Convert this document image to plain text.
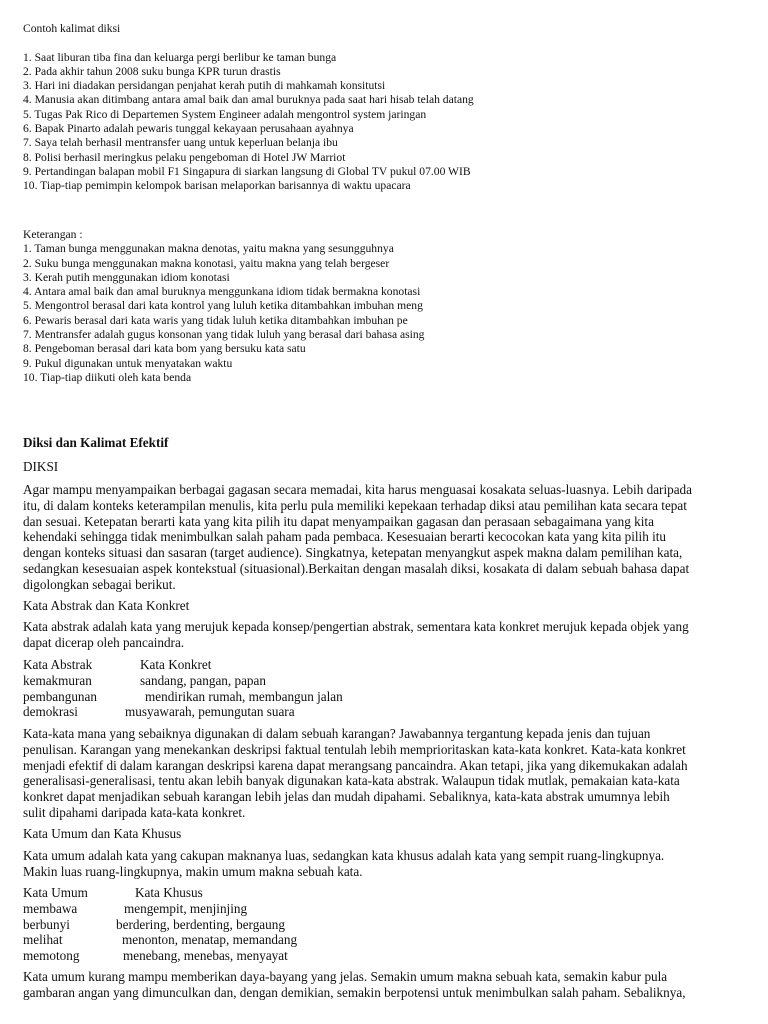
Contoh kalimat diksi
1. Saat liburan tiba fina dan keluarga pergi berlibur ke taman bunga
2. Pada akhir tahun 2008 suku bunga KPR turun drastis
3. Hari ini diadakan persidangan penjahat kerah putih di mahkamah konsitutsi
4. Manusia akan ditimbang antara amal baik dan amal buruknya pada saat hari hisab telah datang
5. Tugas Pak Rico di Departemen System Engineer adalah mengontrol system jaringan
6. Bapak Pinarto adalah pewaris tunggal kekayaan perusahaan ayahnya
7. Saya telah berhasil mentransfer uang untuk keperluan belanja ibu
8. Polisi berhasil meringkus pelaku pengeboman di Hotel JW Marriot
9. Pertandingan balapan mobil F1 Singapura di siarkan langsung di Global TV pukul 07.00 WIB
10. Tiap-tiap pemimpin kelompok barisan melaporkan barisannya di waktu upacara
Keterangan :
1. Taman bunga menggunakan makna denotas, yaitu makna yang sesungguhnya
2. Suku bunga menggunakan makna konotasi, yaitu makna yang telah bergeser
3. Kerah putih menggunakan idiom konotasi
4. Antara amal baik dan amal buruknya menggunkana idiom tidak bermakna konotasi
5. Mengontrol berasal dari kata kontrol yang luluh ketika ditambahkan imbuhan meng
6. Pewaris berasal dari kata waris yang tidak luluh ketika ditambahkan imbuhan pe
7. Mentransfer adalah gugus konsonan yang tidak luluh yang berasal dari bahasa asing
8. Pengeboman berasal dari kata bom yang bersuku kata satu
9. Pukul digunakan untuk menyatakan waktu
10. Tiap-tiap diikuti oleh kata benda
Diksi dan Kalimat Efektif
DIKSI
Agar mampu menyampaikan berbagai gagasan secara memadai, kita harus menguasai kosakata seluas-luasnya. Lebih daripada
itu, di dalam konteks keterampilan menulis, kita perlu pula memiliki kepekaan terhadap diksi atau pemilihan kata secara tepat
dan sesuai. Ketepatan berarti kata yang kita pilih itu dapat menyampaikan gagasan dan perasaan sebagaimana yang kita
kehendaki sehingga tidak menimbulkan salah paham pada pembaca. Kesesuaian berarti kecocokan kata yang kita pilih itu
dengan konteks situasi dan sasaran (target audience). Singkatnya, ketepatan menyangkut aspek makna dalam pemilihan kata,
sedangkan kesesuaian aspek kontekstual (situasional).Berkaitan dengan masalah diksi, kosakata di dalam sebuah bahasa dapat
digolongkan sebagai berikut.
Kata Abstrak dan Kata Konkret
Kata abstrak adalah kata yang merujuk kepada konsep/pengertian abstrak, sementara kata konkret merujuk kepada objek yang
dapat dicerap oleh pancaindra.
Kata Abstrak	Kata Konkret
kemakmuran	sandang, pangan, papan
pembangunan	mendirikan rumah, membangun jalan
demokrasi	musyawarah, pemungutan suara
Kata-kata mana yang sebaiknya digunakan di dalam sebuah karangan? Jawabannya tergantung kepada jenis dan tujuan
penulisan. Karangan yang menekankan deskripsi faktual tentulah lebih memprioritaskan kata-kata konkret. Kata-kata konkret
menjadi efektif di dalam karangan deskripsi karena dapat merangsang pancaindra. Akan tetapi, jika yang dikemukakan adalah
generalisasi-generalisasi, tentu akan lebih banyak digunakan kata-kata abstrak. Walaupun tidak mutlak, pemakaian kata-kata
konkret dapat menjadikan sebuah karangan lebih jelas dan mudah dipahami. Sebaliknya, kata-kata abstrak umumnya lebih
sulit dipahami daripada kata-kata konkret.
Kata Umum dan Kata Khusus
Kata umum adalah kata yang cakupan maknanya luas, sedangkan kata khusus adalah kata yang sempit ruang-lingkupnya.
Makin luas ruang-lingkupnya, makin umum makna sebuah kata.
Kata Umum	Kata Khusus
membawa	mengempit, menjinjing
berbunyi	berdering, berdenting, bergaung
melihat	menonton, menatap, memandang
memotong	menebang, menebas, menyayat
Kata umum kurang mampu memberikan daya-bayang yang jelas. Semakin umum makna sebuah kata, semakin kabur pula
gambaran angan yang dimunculkan dan, dengan demikian, semakin berpotensi untuk menimbulkan salah paham. Sebaliknya,
